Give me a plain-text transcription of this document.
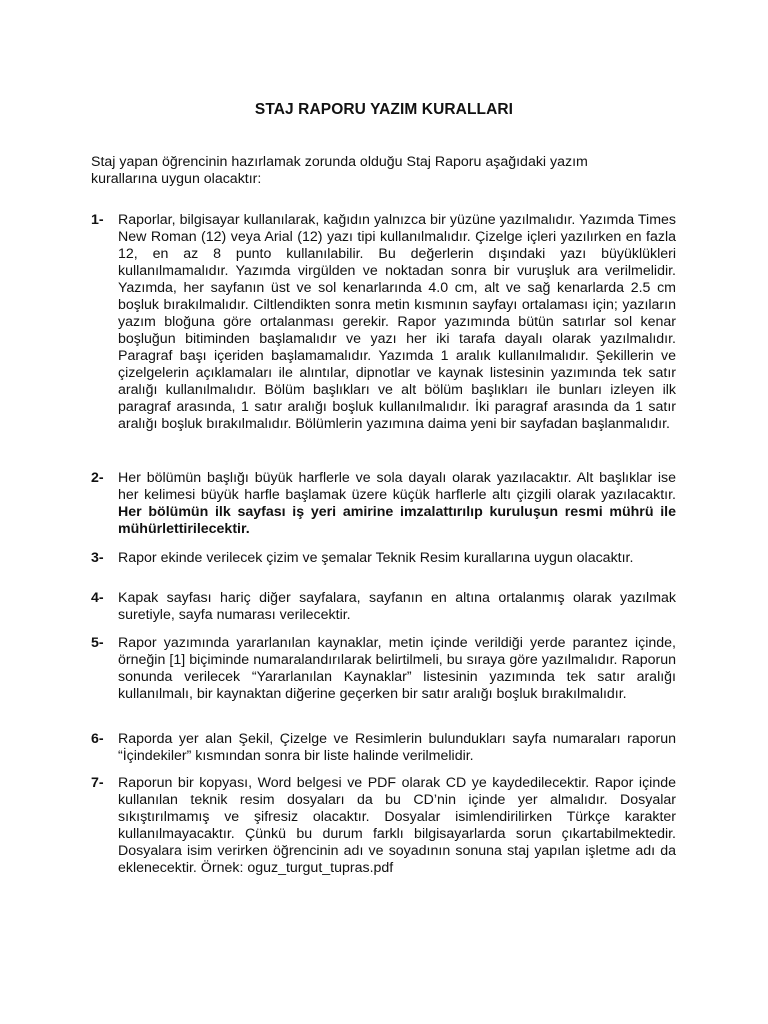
STAJ RAPORU YAZIM KURALLARI

Staj yapan öğrencinin hazırlamak zorunda olduğu Staj Raporu aşağıdaki yazım kurallarına uygun olacaktır:

1- Raporlar, bilgisayar kullanılarak, kağıdın yalnızca bir yüzüne yazılmalıdır. Yazımda Times New Roman (12) veya Arial (12) yazı tipi kullanılmalıdır. Çizelge içleri yazılırken en fazla 12, en az 8 punto kullanılabilir. Bu değerlerin dışındaki yazı büyüklükleri kullanılmamalıdır. Yazımda virgülden ve noktadan sonra bir vuruşluk ara verilmelidir. Yazımda, her sayfanın üst ve sol kenarlarında 4.0 cm, alt ve sağ kenarlarda 2.5 cm boşluk bırakılmalıdır. Ciltlendikten sonra metin kısmının sayfayı ortalaması için; yazıların yazım bloğuna göre ortalanması gerekir. Rapor yazımında bütün satırlar sol kenar boşluğun bitiminden başlamalıdır ve yazı her iki tarafa dayalı olarak yazılmalıdır. Paragraf başı içeriden başlamamalıdır. Yazımda 1 aralık kullanılmalıdır. Şekillerin ve çizelgelerin açıklamaları ile alıntılar, dipnotlar ve kaynak listesinin yazımında tek satır aralığı kullanılmalıdır. Bölüm başlıkları ve alt bölüm başlıkları ile bunları izleyen ilk paragraf arasında, 1 satır aralığı boşluk kullanılmalıdır. İki paragraf arasında da 1 satır aralığı boşluk bırakılmalıdır. Bölümlerin yazımına daima yeni bir sayfadan başlanmalıdır.

2- Her bölümün başlığı büyük harflerle ve sola dayalı olarak yazılacaktır. Alt başlıklar ise her kelimesi büyük harfle başlamak üzere küçük harflerle altı çizgili olarak yazılacaktır. Her bölümün ilk sayfası iş yeri amirine imzalattırılıp kuruluşun resmi mührü ile mühürlettirilecektir.

3- Rapor ekinde verilecek çizim ve şemalar Teknik Resim kurallarına uygun olacaktır.

4- Kapak sayfası hariç diğer sayfalara, sayfanın en altına ortalanmış olarak yazılmak suretiyle, sayfa numarası verilecektir.

5- Rapor yazımında yararlanılan kaynaklar, metin içinde verildiği yerde parantez içinde, örneğin [1] biçiminde numaralandırılarak belirtilmeli, bu sıraya göre yazılmalıdır. Raporun sonunda verilecek “Yararlanılan Kaynaklar” listesinin yazımında tek satır aralığı kullanılmalı, bir kaynaktan diğerine geçerken bir satır aralığı boşluk bırakılmalıdır.

6- Raporda yer alan Şekil, Çizelge ve Resimlerin bulundukları sayfa numaraları raporun “İçindekiler” kısmından sonra bir liste halinde verilmelidir.

7- Raporun bir kopyası, Word belgesi ve PDF olarak CD ye kaydedilecektir. Rapor içinde kullanılan teknik resim dosyaları da bu CD’nin içinde yer almalıdır. Dosyalar sıkıştırılmamış ve şifresiz olacaktır. Dosyalar isimlendirilirken Türkçe karakter kullanılmayacaktır. Çünkü bu durum farklı bilgisayarlarda sorun çıkartabilmektedir. Dosyalara isim verirken öğrencinin adı ve soyadının sonuna staj yapılan işletme adı da eklenecektir. Örnek: oguz_turgut_tupras.pdf
